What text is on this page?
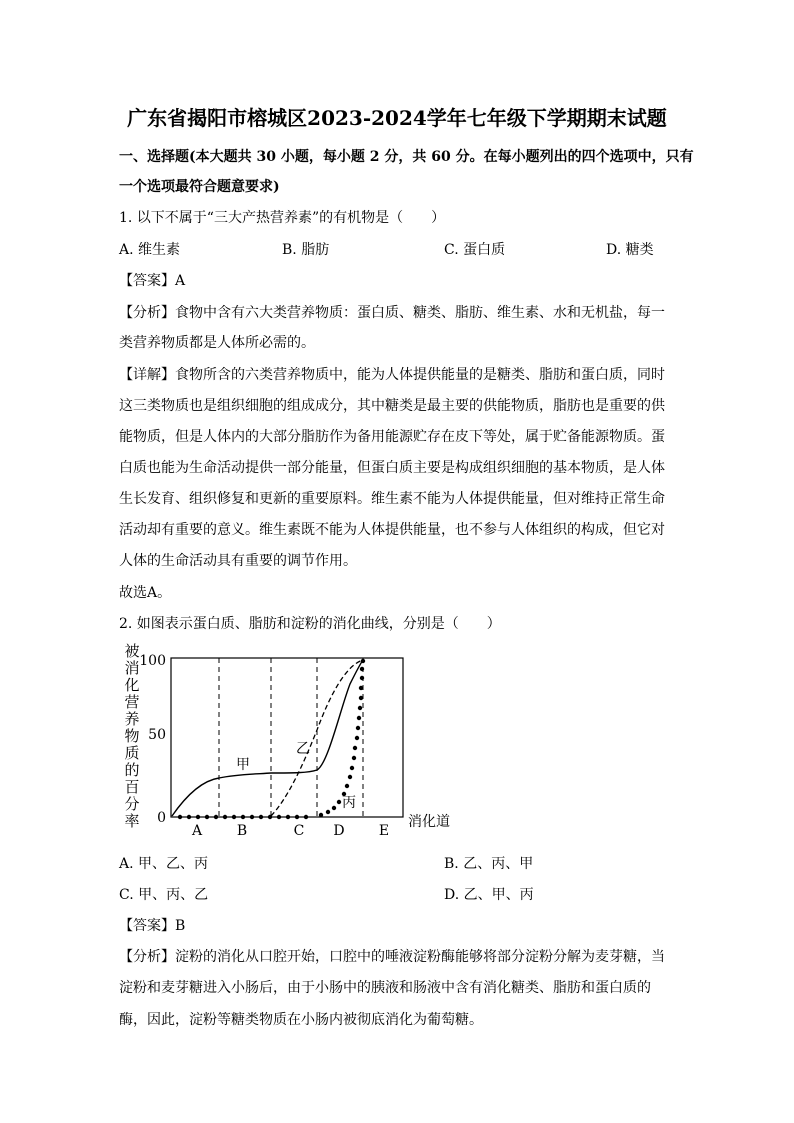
广东省揭阳市榕城区2023-2024学年七年级下学期期末试题
一、选择题(本大题共 30 小题，每小题 2 分，共 60 分。在每小题列出的四个选项中，只有
一个选项最符合题意要求)
1. 以下不属于“三大产热营养素”的有机物是（　　）
A. 维生素	B. 脂肪	C. 蛋白质	D. 糖类
【答案】A
【分析】食物中含有六大类营养物质：蛋白质、糖类、脂肪、维生素、水和无机盐，每一
类营养物质都是人体所必需的。
【详解】食物所含的六类营养物质中，能为人体提供能量的是糖类、脂肪和蛋白质，同时
这三类物质也是组织细胞的组成成分，其中糖类是最主要的供能物质，脂肪也是重要的供
能物质，但是人体内的大部分脂肪作为备用能源贮存在皮下等处，属于贮备能源物质。蛋
白质也能为生命活动提供一部分能量，但蛋白质主要是构成组织细胞的基本物质，是人体
生长发育、组织修复和更新的重要原料。维生素不能为人体提供能量，但对维持正常生命
活动却有重要的意义。维生素既不能为人体提供能量，也不参与人体组织的构成，但它对
人体的生命活动具有重要的调节作用。
故选A。
2. 如图表示蛋白质、脂肪和淀粉的消化曲线，分别是（　　）
被
消
化
营
养
物
质
的
百
分
率
100
50
0
甲
乙
丙
A B	C D E
消化道
A. 甲、乙、丙	B. 乙、丙、甲
C. 甲、丙、乙	D. 乙、甲、丙
【答案】B
【分析】淀粉的消化从口腔开始，口腔中的唾液淀粉酶能够将部分淀粉分解为麦芽糖，当
淀粉和麦芽糖进入小肠后，由于小肠中的胰液和肠液中含有消化糖类、脂肪和蛋白质的
酶，因此，淀粉等糖类物质在小肠内被彻底消化为葡萄糖。
